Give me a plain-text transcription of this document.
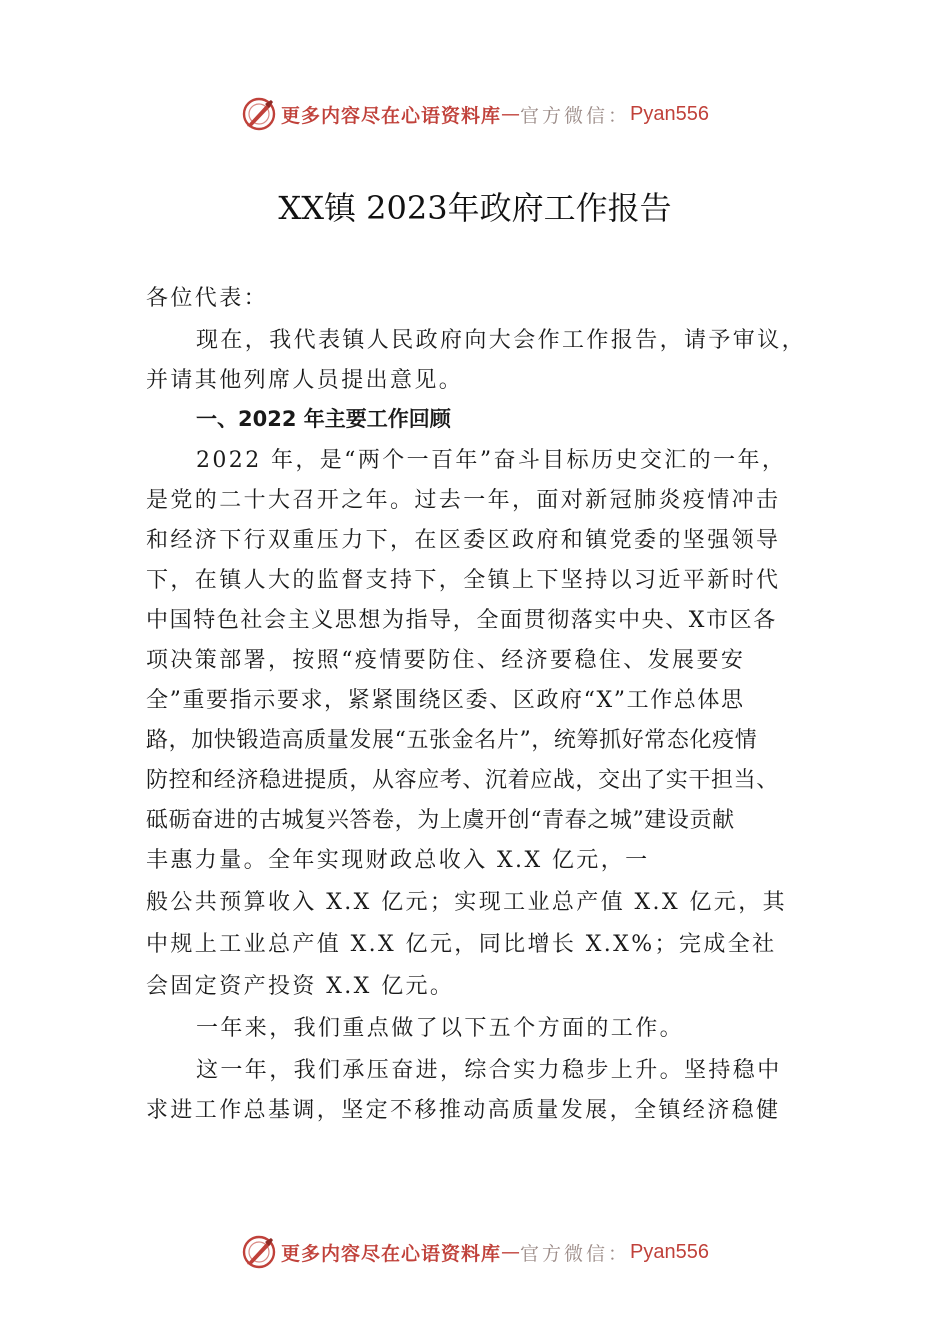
更多内容尽在心语资料库 — 官方微信： Pyan556
XX镇 2023年政府工作报告
各位代表：
现在，我代表镇人民政府向大会作工作报告，请予审议，
并请其他列席人员提出意见。
一、2022 年主要工作回顾
2022 年，是“两个一百年”奋斗目标历史交汇的一年，
是党的二十大召开之年。过去一年，面对新冠肺炎疫情冲击
和经济下行双重压力下，在区委区政府和镇党委的坚强领导
下，在镇人大的监督支持下，全镇上下坚持以习近平新时代
中国特色社会主义思想为指导，全面贯彻落实中央、X市区各
项决策部署，按照“疫情要防住、经济要稳住、发展要安
全”重要指示要求，紧紧围绕区委、区政府“X”工作总体思
路，加快锻造高质量发展“五张金名片”，统筹抓好常态化疫情
防控和经济稳进提质，从容应考、沉着应战，交出了实干担当、
砥砺奋进的古城复兴答卷，为上虞开创“青春之城”建设贡献
丰惠力量。全年实现财政总收入 X.X 亿元，一
般公共预算收入 X.X 亿元；实现工业总产值 X.X 亿元，其
中规上工业总产值 X.X 亿元，同比增长 X.X%；完成全社
会固定资产投资 X.X 亿元。
一年来，我们重点做了以下五个方面的工作。
这一年，我们承压奋进，综合实力稳步上升。坚持稳中
求进工作总基调，坚定不移推动高质量发展，全镇经济稳健
更多内容尽在心语资料库 — 官方微信： Pyan556
